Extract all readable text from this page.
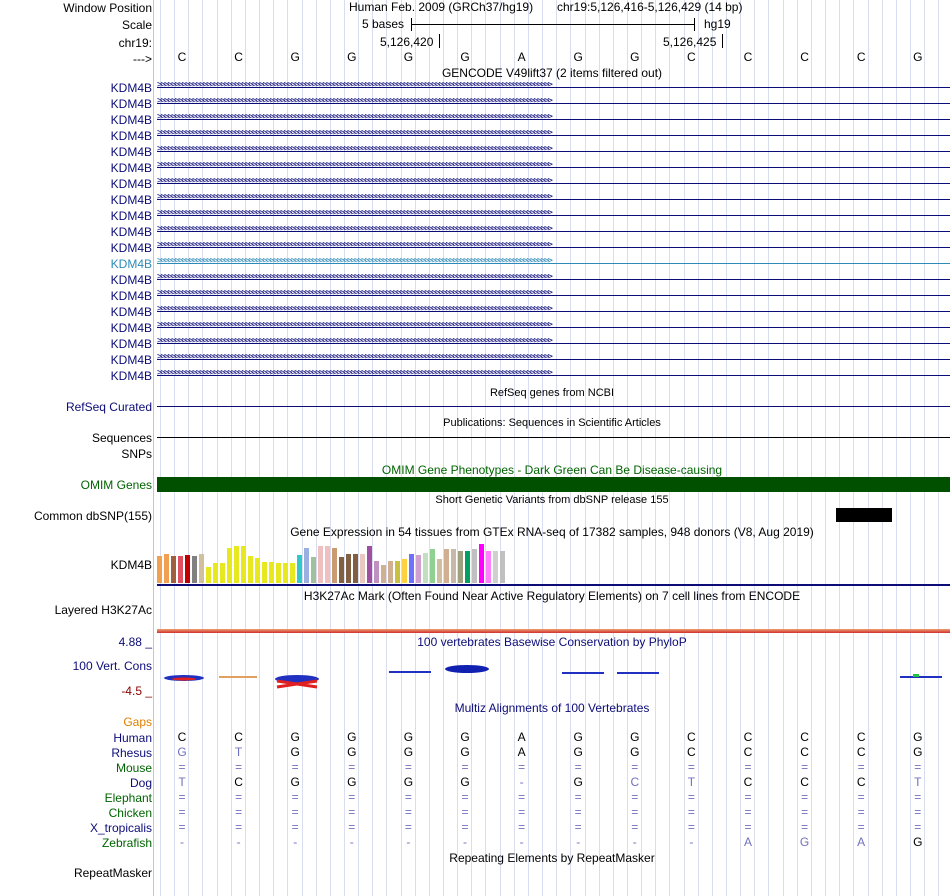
Window Position
Scale
chr19:
--->
Human Feb. 2009 (GRCh37/hg19) chr19:5,126,416-5,126,429 (14 bp)
5 bases	hg19
5,126,420	5,126,425
C	C	G	G	G	G	A	G	G	C	C	C	C	G
GENCODE V49lift37 (2 items filtered out)
KDM4B >>>>>>>>>>>>>>>>>>>>>>>>>>>>>>>>>>>>>>>>>>>>>>>>>>>>>>>>>>>>>>>>>>>>>>>>>>>>>>>>>>>>>>>>>>>>>>>>>>>>>>>>>>>>>>>>
KDM4B >>>>>>>>>>>>>>>>>>>>>>>>>>>>>>>>>>>>>>>>>>>>>>>>>>>>>>>>>>>>>>>>>>>>>>>>>>>>>>>>>>>>>>>>>>>>>>>>>>>>>>>>>>>>>>>>
KDM4B >>>>>>>>>>>>>>>>>>>>>>>>>>>>>>>>>>>>>>>>>>>>>>>>>>>>>>>>>>>>>>>>>>>>>>>>>>>>>>>>>>>>>>>>>>>>>>>>>>>>>>>>>>>>>>>>
KDM4B >>>>>>>>>>>>>>>>>>>>>>>>>>>>>>>>>>>>>>>>>>>>>>>>>>>>>>>>>>>>>>>>>>>>>>>>>>>>>>>>>>>>>>>>>>>>>>>>>>>>>>>>>>>>>>>>
KDM4B >>>>>>>>>>>>>>>>>>>>>>>>>>>>>>>>>>>>>>>>>>>>>>>>>>>>>>>>>>>>>>>>>>>>>>>>>>>>>>>>>>>>>>>>>>>>>>>>>>>>>>>>>>>>>>>>
KDM4B >>>>>>>>>>>>>>>>>>>>>>>>>>>>>>>>>>>>>>>>>>>>>>>>>>>>>>>>>>>>>>>>>>>>>>>>>>>>>>>>>>>>>>>>>>>>>>>>>>>>>>>>>>>>>>>>
KDM4B >>>>>>>>>>>>>>>>>>>>>>>>>>>>>>>>>>>>>>>>>>>>>>>>>>>>>>>>>>>>>>>>>>>>>>>>>>>>>>>>>>>>>>>>>>>>>>>>>>>>>>>>>>>>>>>>
KDM4B >>>>>>>>>>>>>>>>>>>>>>>>>>>>>>>>>>>>>>>>>>>>>>>>>>>>>>>>>>>>>>>>>>>>>>>>>>>>>>>>>>>>>>>>>>>>>>>>>>>>>>>>>>>>>>>>
KDM4B >>>>>>>>>>>>>>>>>>>>>>>>>>>>>>>>>>>>>>>>>>>>>>>>>>>>>>>>>>>>>>>>>>>>>>>>>>>>>>>>>>>>>>>>>>>>>>>>>>>>>>>>>>>>>>>>
KDM4B >>>>>>>>>>>>>>>>>>>>>>>>>>>>>>>>>>>>>>>>>>>>>>>>>>>>>>>>>>>>>>>>>>>>>>>>>>>>>>>>>>>>>>>>>>>>>>>>>>>>>>>>>>>>>>>>
KDM4B >>>>>>>>>>>>>>>>>>>>>>>>>>>>>>>>>>>>>>>>>>>>>>>>>>>>>>>>>>>>>>>>>>>>>>>>>>>>>>>>>>>>>>>>>>>>>>>>>>>>>>>>>>>>>>>>
KDM4B >>>>>>>>>>>>>>>>>>>>>>>>>>>>>>>>>>>>>>>>>>>>>>>>>>>>>>>>>>>>>>>>>>>>>>>>>>>>>>>>>>>>>>>>>>>>>>>>>>>>>>>>>>>>>>>>
KDM4B >>>>>>>>>>>>>>>>>>>>>>>>>>>>>>>>>>>>>>>>>>>>>>>>>>>>>>>>>>>>>>>>>>>>>>>>>>>>>>>>>>>>>>>>>>>>>>>>>>>>>>>>>>>>>>>>
KDM4B >>>>>>>>>>>>>>>>>>>>>>>>>>>>>>>>>>>>>>>>>>>>>>>>>>>>>>>>>>>>>>>>>>>>>>>>>>>>>>>>>>>>>>>>>>>>>>>>>>>>>>>>>>>>>>>>
KDM4B >>>>>>>>>>>>>>>>>>>>>>>>>>>>>>>>>>>>>>>>>>>>>>>>>>>>>>>>>>>>>>>>>>>>>>>>>>>>>>>>>>>>>>>>>>>>>>>>>>>>>>>>>>>>>>>>
KDM4B >>>>>>>>>>>>>>>>>>>>>>>>>>>>>>>>>>>>>>>>>>>>>>>>>>>>>>>>>>>>>>>>>>>>>>>>>>>>>>>>>>>>>>>>>>>>>>>>>>>>>>>>>>>>>>>>
KDM4B >>>>>>>>>>>>>>>>>>>>>>>>>>>>>>>>>>>>>>>>>>>>>>>>>>>>>>>>>>>>>>>>>>>>>>>>>>>>>>>>>>>>>>>>>>>>>>>>>>>>>>>>>>>>>>>>
KDM4B >>>>>>>>>>>>>>>>>>>>>>>>>>>>>>>>>>>>>>>>>>>>>>>>>>>>>>>>>>>>>>>>>>>>>>>>>>>>>>>>>>>>>>>>>>>>>>>>>>>>>>>>>>>>>>>>
KDM4B >>>>>>>>>>>>>>>>>>>>>>>>>>>>>>>>>>>>>>>>>>>>>>>>>>>>>>>>>>>>>>>>>>>>>>>>>>>>>>>>>>>>>>>>>>>>>>>>>>>>>>>>>>>>>>>>
RefSeq genes from NCBI
RefSeq Curated
Publications: Sequences in Scientific Articles
Sequences
SNPs
OMIM Gene Phenotypes - Dark Green Can Be Disease-causing
OMIM Genes
Short Genetic Variants from dbSNP release 155
Common dbSNP(155)
Gene Expression in 54 tissues from GTEx RNA-seq of 17382 samples, 948 donors (V8, Aug 2019)
KDM4B
H3K27Ac Mark (Often Found Near Active Regulatory Elements) on 7 cell lines from ENCODE
Layered H3K27Ac
100 vertebrates Basewise Conservation by PhyloP
4.88 _
100 Vert. Cons
-4.5 _
Multiz Alignments of 100 Vertebrates
Gaps
Human	C	C	G	G	G	G	A	G	G	C	C	C	C	G
Rhesus	G	T	G	G	G	G	A	G	G	C	C	C	C	G
Mouse	=	=	=	=	=	=	=	=	=	=	=	=	=	=
Dog	T	C	G	G	G	G	-	G	C	T	C	C	C	T
Elephant	=	=	=	=	=	=	=	=	=	=	=	=	=	=
Chicken	=	=	=	=	=	=	=	=	=	=	=	=	=	=
X_tropicalis	=	=	=	=	=	=	=	=	=	=	=	=	=	=
Zebrafish	-	-	-	-	-	-	-	-	-	-	A	G	A	G
Repeating Elements by RepeatMasker
RepeatMasker
